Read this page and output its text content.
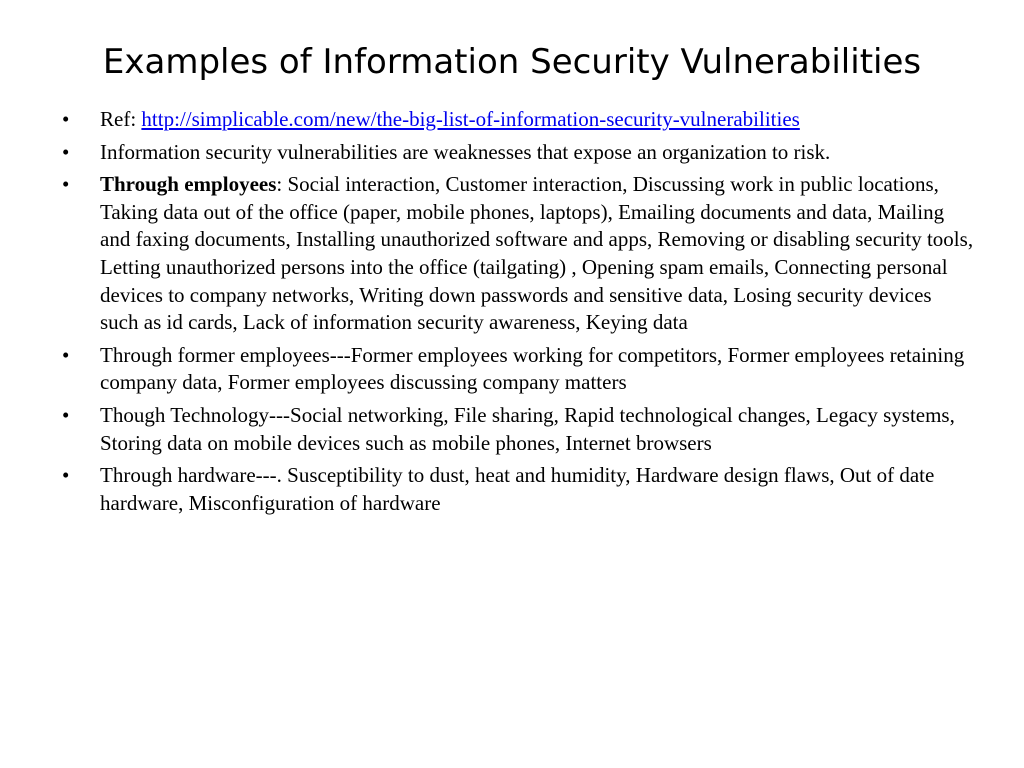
Examples of Information Security Vulnerabilities
•	Ref: http://simplicable.com/new/the-big-list-of-information-security-vulnerabilities
•	Information security vulnerabilities are weaknesses that expose an organization to risk.
•	Through employees: Social interaction, Customer interaction, Discussing work in public locations, Taking data out of the office (paper, mobile phones, laptops), Emailing documents and data, Mailing and faxing documents, Installing unauthorized software and apps, Removing or disabling security tools, Letting unauthorized persons into the office (tailgating) , Opening spam emails, Connecting personal devices to company networks, Writing down passwords and sensitive data, Losing security devices such as id cards, Lack of information security awareness, Keying data
•	Through former employees---Former employees working for competitors, Former employees retaining company data, Former employees discussing company matters
•	Though Technology---Social networking, File sharing, Rapid technological changes, Legacy systems, Storing data on mobile devices such as mobile phones, Internet browsers
•	Through hardware---. Susceptibility to dust, heat and humidity, Hardware design flaws, Out of date hardware, Misconfiguration of hardware
